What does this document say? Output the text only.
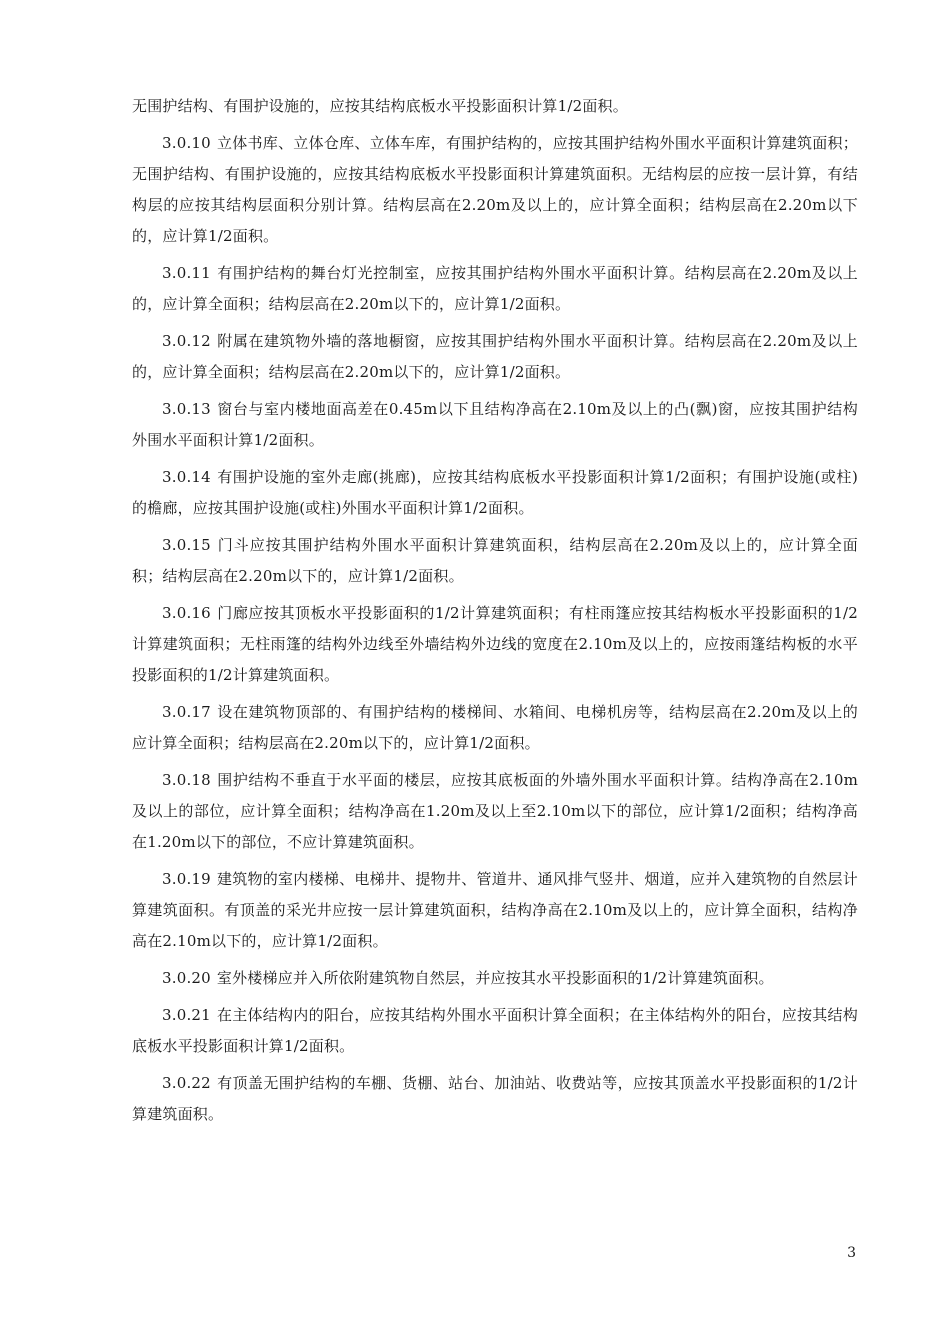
无围护结构、有围护设施的，应按其结构底板水平投影面积计算1/2面积。

3.0.10 立体书库、立体仓库、立体车库，有围护结构的，应按其围护结构外围水平面积计算建筑面积；无围护结构、有围护设施的，应按其结构底板水平投影面积计算建筑面积。无结构层的应按一层计算，有结构层的应按其结构层面积分别计算。结构层高在2.20m及以上的，应计算全面积；结构层高在2.20m以下的，应计算1/2面积。

3.0.11 有围护结构的舞台灯光控制室，应按其围护结构外围水平面积计算。结构层高在2.20m及以上的，应计算全面积；结构层高在2.20m以下的，应计算1/2面积。

3.0.12 附属在建筑物外墙的落地橱窗，应按其围护结构外围水平面积计算。结构层高在2.20m及以上的，应计算全面积；结构层高在2.20m以下的，应计算1/2面积。

3.0.13 窗台与室内楼地面高差在0.45m以下且结构净高在2.10m及以上的凸(飘)窗，应按其围护结构外围水平面积计算1/2面积。

3.0.14 有围护设施的室外走廊(挑廊)，应按其结构底板水平投影面积计算1/2面积；有围护设施(或柱)的檐廊，应按其围护设施(或柱)外围水平面积计算1/2面积。

3.0.15 门斗应按其围护结构外围水平面积计算建筑面积，结构层高在2.20m及以上的，应计算全面积；结构层高在2.20m以下的，应计算1/2面积。

3.0.16 门廊应按其顶板水平投影面积的1/2计算建筑面积；有柱雨篷应按其结构板水平投影面积的1/2计算建筑面积；无柱雨篷的结构外边线至外墙结构外边线的宽度在2.10m及以上的，应按雨篷结构板的水平投影面积的1/2计算建筑面积。

3.0.17 设在建筑物顶部的、有围护结构的楼梯间、水箱间、电梯机房等，结构层高在2.20m及以上的应计算全面积；结构层高在2.20m以下的，应计算1/2面积。

3.0.18 围护结构不垂直于水平面的楼层，应按其底板面的外墙外围水平面积计算。结构净高在2.10m及以上的部位，应计算全面积；结构净高在1.20m及以上至2.10m以下的部位，应计算1/2面积；结构净高在1.20m以下的部位，不应计算建筑面积。

3.0.19 建筑物的室内楼梯、电梯井、提物井、管道井、通风排气竖井、烟道，应并入建筑物的自然层计算建筑面积。有顶盖的采光井应按一层计算建筑面积，结构净高在2.10m及以上的，应计算全面积，结构净高在2.10m以下的，应计算1/2面积。

3.0.20 室外楼梯应并入所依附建筑物自然层，并应按其水平投影面积的1/2计算建筑面积。

3.0.21 在主体结构内的阳台，应按其结构外围水平面积计算全面积；在主体结构外的阳台，应按其结构底板水平投影面积计算1/2面积。

3.0.22 有顶盖无围护结构的车棚、货棚、站台、加油站、收费站等，应按其顶盖水平投影面积的1/2计算建筑面积。

3
